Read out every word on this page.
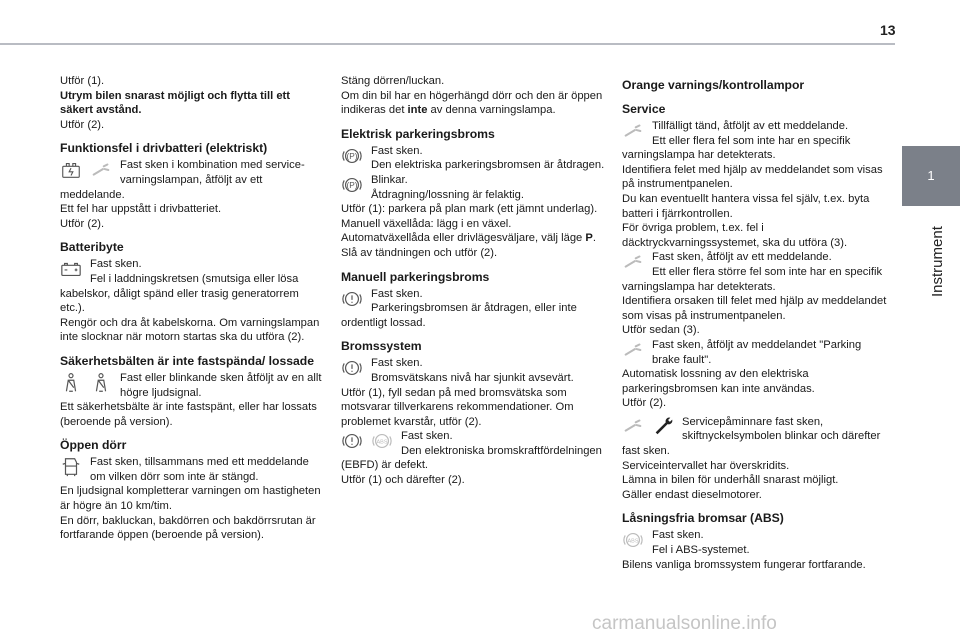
13
1
Instrument

Utför (1).

Utrym bilen snarast möjligt och flytta till ett säkert avstånd.

Utför (2).

Funktionsfel i drivbatteri (elektriskt)

Fast sken i kombination med service-varningslampan, åtföljt av ett meddelande.

Ett fel har uppstått i drivbatteriet.

Utför (2).

Batteribyte

Fast sken.

Fel i laddningskretsen (smutsiga eller lösa kabelskor, dåligt spänd eller trasig generatorrem etc.).

Rengör och dra åt kabelskorna. Om varningslampan inte slocknar när motorn startas ska du utföra (2).

Säkerhetsbälten är inte fastspända/ lossade

Fast eller blinkande sken åtföljt av en allt högre ljudsignal.

Ett säkerhetsbälte är inte fastspänt, eller har lossats (beroende på version).

Öppen dörr

Fast sken, tillsammans med ett meddelande om vilken dörr som inte är stängd.

En ljudsignal kompletterar varningen om hastigheten är högre än 10 km/tim.

En dörr, bakluckan, bakdörren och bakdörrsrutan är fortfarande öppen (beroende på version).

Stäng dörren/luckan.

Om din bil har en högerhängd dörr och den är öppen indikeras det inte av denna varningslampa.

Elektrisk parkeringsbroms

(P)	Fast sken.

Den elektriska parkeringsbromsen är åtdragen.

(P)	Blinkar.

Åtdragning/lossning är felaktig.

Utför (1): parkera på plan mark (ett jämnt underlag).

Manuell växellåda: lägg i en växel.

Automatväxellåda eller drivlägesväljare, välj läge P.

Slå av tändningen och utför (2).

Manuell parkeringsbroms

Fast sken.

Parkeringsbromsen är åtdragen, eller inte ordentligt lossad.

Bromssystem

Fast sken.

Bromsvätskans nivå har sjunkit avsevärt.

Utför (1), fyll sedan på med bromsvätska som motsvarar tillverkarens rekommendationer. Om problemet kvarstår, utför (2).

ABS

Fast sken.

Den elektroniska bromskraftfördelningen (EBFD) är defekt.

Utför (1) och därefter (2).

Orange varnings/kontrollampor

Service

Tillfälligt tänd, åtföljt av ett meddelande.

Ett eller flera fel som inte har en specifik varningslampa har detekterats.

Identifiera felet med hjälp av meddelandet som visas på instrumentpanelen.

Du kan eventuellt hantera vissa fel själv, t.ex. byta batteri i fjärrkontrollen.

För övriga problem, t.ex. fel i däcktryckvarningssystemet, ska du utföra (3).

Fast sken, åtföljt av ett meddelande.

Ett eller flera större fel som inte har en specifik varningslampa har detekterats.

Identifiera orsaken till felet med hjälp av meddelandet som visas på instrumentpanelen.

Utför sedan (3).

Fast sken, åtföljt av meddelandet "Parking brake fault".

Automatisk lossning av den elektriska parkeringsbromsen kan inte användas.

Utför (2).

Servicepåminnare fast sken, skiftnyckelsymbolen blinkar och därefter fast sken.

Serviceintervallet har överskridits.

Lämna in bilen för underhåll snarast möjligt.

Gäller endast dieselmotorer.

Låsningsfria bromsar (ABS)

ABS

Fast sken.

Fel i ABS-systemet.

Bilens vanliga bromssystem fungerar fortfarande.

carmanualsonline.info
